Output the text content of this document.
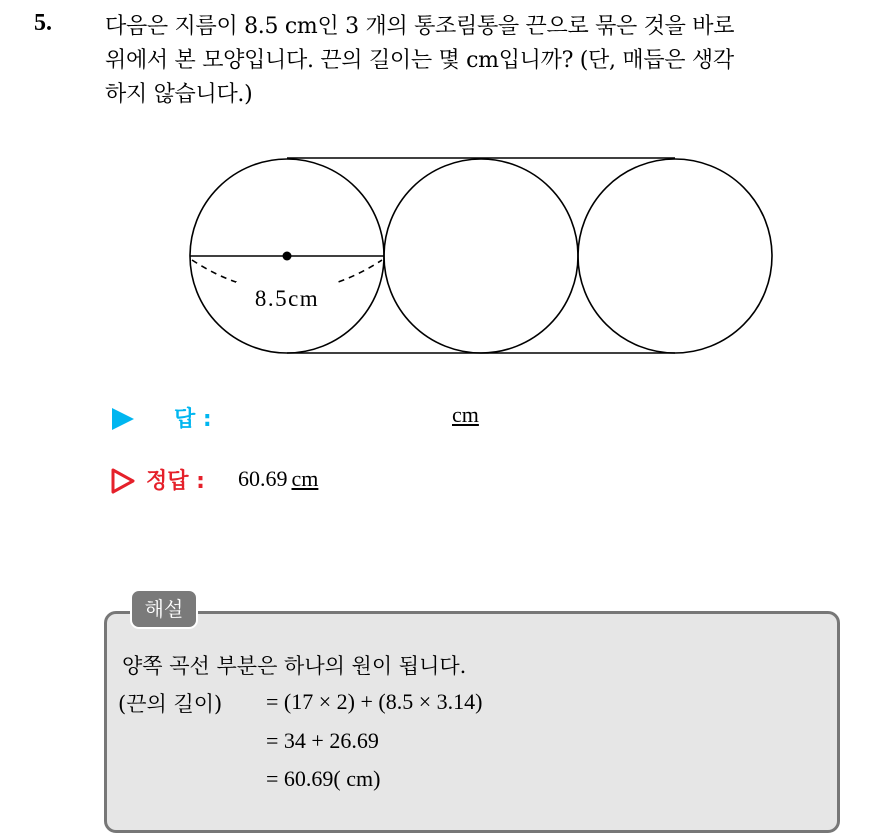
5. 다음은 지름이 8.5 cm인 3 개의 통조림통을 끈으로 묶은 것을 바로

위에서 본 모양입니다. 끈의 길이는 몇 cm입니까? (단, 매듭은 생각

하지 않습니다.)

8.5cm
답 :	cm
정답 : 60.69 cm
해설
양쪽 곡선 부분은 하나의 원이 됩니다.
(끈의 길이) = (17 × 2) + (8.5 × 3.14)
= 34 + 26.69
= 60.69( cm)
